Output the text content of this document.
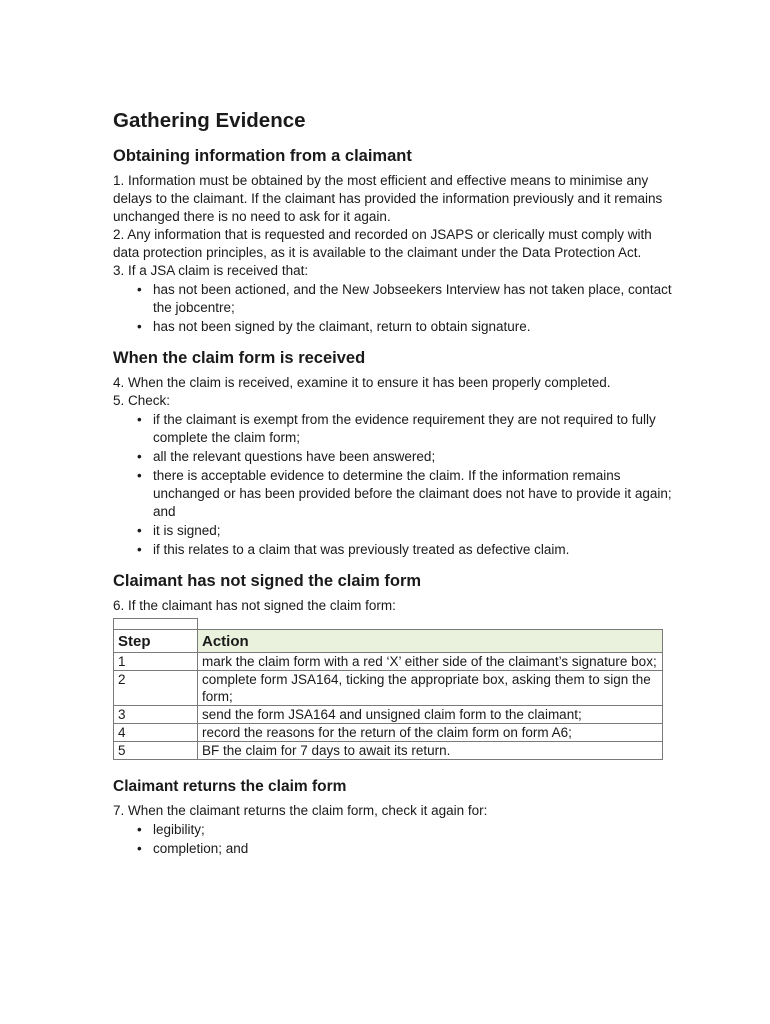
Gathering Evidence
Obtaining information from a claimant

1. Information must be obtained by the most efficient and effective means to minimise any delays to the claimant. If the claimant has provided the information previously and it remains unchanged there is no need to ask for it again.

2. Any information that is requested and recorded on JSAPS or clerically must comply with data protection principles, as it is available to the claimant under the Data Protection Act.

3. If a JSA claim is received that:

• has not been actioned, and the New Jobseekers Interview has not taken place, contact the jobcentre;
• has not been signed by the claimant, return to obtain signature.
When the claim form is received

4. When the claim is received, examine it to ensure it has been properly completed.

5. Check:

• if the claimant is exempt from the evidence requirement they are not required to fully complete the claim form;
• all the relevant questions have been answered;
• there is acceptable evidence to determine the claim. If the information remains unchanged or has been provided before the claimant does not have to provide it again; and
• it is signed;
• if this relates to a claim that was previously treated as defective claim.
Claimant has not signed the claim form

6. If the claimant has not signed the claim form:

Step	Action
1	mark the claim form with a red ‘X’ either side of the claimant’s signature box;
2	complete form JSA164, ticking the appropriate box, asking them to sign the form;
3	send the form JSA164 and unsigned claim form to the claimant;
4	record the reasons for the return of the claim form on form A6;
5	BF the claim for 7 days to await its return.
Claimant returns the claim form

7. When the claimant returns the claim form, check it again for:

• legibility;
• completion; and
